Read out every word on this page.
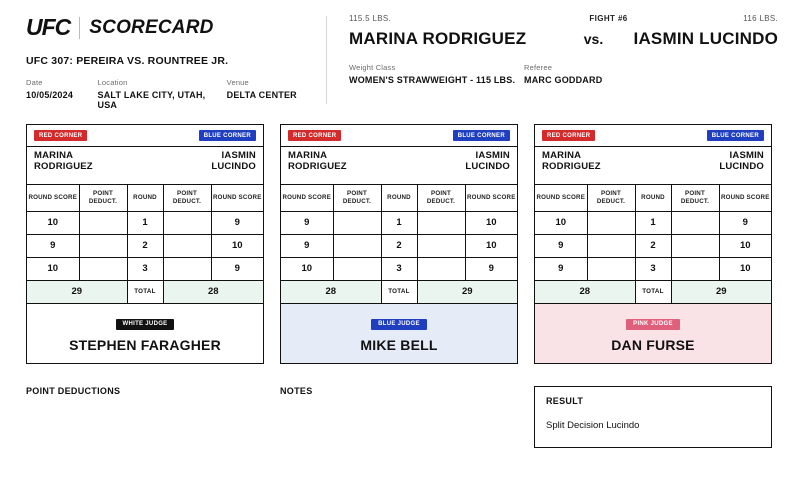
UFC SCORECARD
UFC 307: PEREIRA VS. ROUNTREE JR.
Date
10/05/2024
Location
SALT LAKE CITY, UTAH, USA
Venue
DELTA CENTER
115.5 LBS.	FIGHT #6	116 LBS.
MARINA RODRIGUEZ	vs.	IASMIN LUCINDO
Weight Class
WOMEN'S STRAWWEIGHT - 115 LBS.
Referee
MARC GODDARD
RED CORNER	BLUE CORNER
MARINA
RODRIGUEZ
IASMIN
LUCINDO
ROUND SCORE	POINT DEDUCT.	ROUND	POINT DEDUCT.	ROUND SCORE
10		1		9
9		2		10
10		3		9
29		TOTAL	28	
WHITE JUDGE
STEPHEN FARAGHER
RED CORNER	BLUE CORNER
MARINA
RODRIGUEZ
IASMIN
LUCINDO
ROUND SCORE	POINT DEDUCT.	ROUND	POINT DEDUCT.	ROUND SCORE
9		1		10
9		2		10
10		3		9
28		TOTAL	29	
BLUE JUDGE
MIKE BELL
RED CORNER	BLUE CORNER
MARINA
RODRIGUEZ
IASMIN
LUCINDO
ROUND SCORE	POINT DEDUCT.	ROUND	POINT DEDUCT.	ROUND SCORE
10		1		9
9		2		10
9		3		10
28		TOTAL	29	
PINK JUDGE
DAN FURSE
POINT DEDUCTIONS	NOTES
RESULT
Split Decision Lucindo
